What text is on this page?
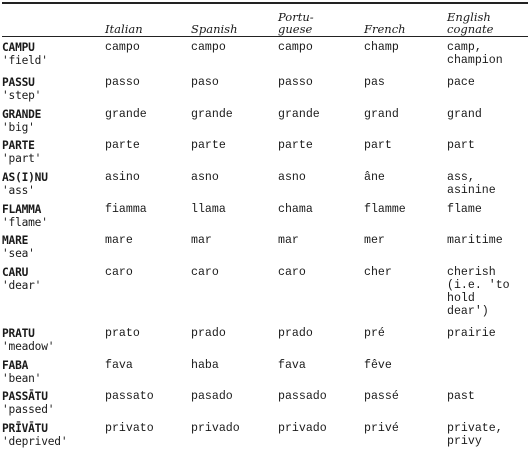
	Italian	Spanish	Portu-
guese	French	English
cognate

CAMPU
'field'	campo	campo	campo	champ	camp,
champion

PASSU
'step'	passo	paso	passo	pas	pace

GRANDE
'big'	grande	grande	grande	grand	grand

PARTE
'part'	parte	parte	parte	part	part

AS(I)NU
'ass'	asino	asno	asno	âne	ass,
asinine

FLAMMA
'flame'	fiamma	llama	chama	flamme	flame

MARE
'sea'	mare	mar	mar	mer	maritime

CARU
'dear'	caro	caro	caro	cher	cherish
(i.e. 'to
hold
dear')

PRATU
'meadow'	prato	prado	prado	pré	prairie

FABA
'bean'	fava	haba	fava	fêve	

PASSĀTU
'passed'	passato	pasado	passado	passé	past

PRĪVĀTU
'deprived'	privato	privado	privado	privé	private,
privy
